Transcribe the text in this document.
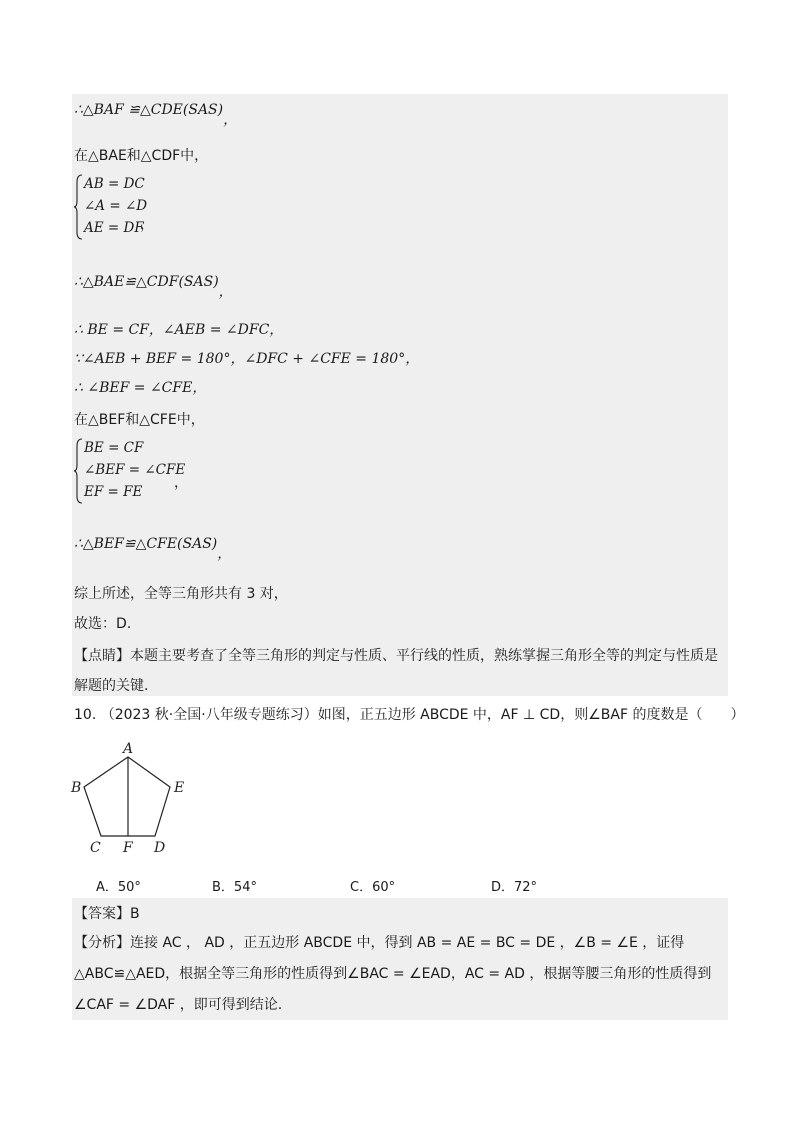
∴△BAF ≌△CDE(SAS)，
在△BAE和△CDF中，
AB = DC
∠A = ∠D
AE = DF
，
∴△BAE≌△CDF(SAS)，
∴ BE = CF，∠AEB = ∠DFC，
∵∠AEB + BEF = 180°，∠DFC + ∠CFE = 180°，
∴ ∠BEF = ∠CFE，
在△BEF和△CFE中，
BE = CF
∠BEF = ∠CFE
EF = FE
，
∴△BEF≌△CFE(SAS)，
综上所述，全等三角形共有 3 对，
故选：D.
【点睛】本题主要考查了全等三角形的判定与性质、平行线的性质，熟练掌握三角形全等的判定与性质是
解题的关键.
10. （2023 秋·全国·八年级专题练习）如图，正五边形 ABCDE 中，AF ⊥ CD，则∠BAF 的度数是（　　）
A
B	E
C F D
A．50°	B．54°	C．60°	D．72°
【答案】B
【分析】连接 AC ， AD ，正五边形 ABCDE 中，得到 AB = AE = BC = DE ，∠B = ∠E ，证得
△ABC≌△AED，根据全等三角形的性质得到∠BAC = ∠EAD，AC = AD ，根据等腰三角形的性质得到
∠CAF = ∠DAF ，即可得到结论.
